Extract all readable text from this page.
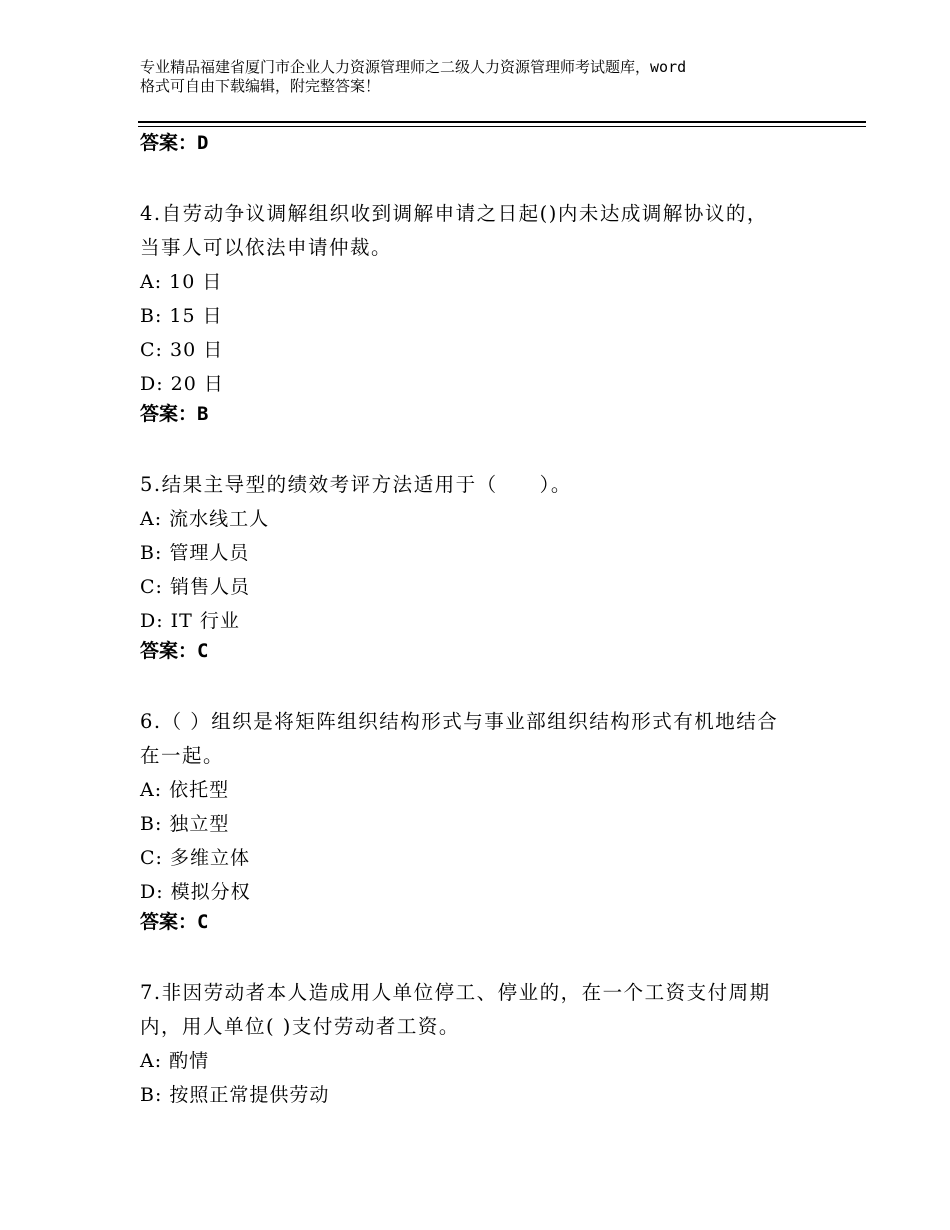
专业精品福建省厦门市企业人力资源管理师之二级人力资源管理师考试题库，word
格式可自由下载编辑，附完整答案！
答案：D
4.自劳动争议调解组织收到调解申请之日起()内未达成调解协议的，
当事人可以依法申请仲裁。
A: 10 日
B: 15 日
C: 30 日
D: 20 日
答案：B
5.结果主导型的绩效考评方法适用于（　　）。
A: 流水线工人
B: 管理人员
C: 销售人员
D: IT 行业
答案：C
6.（ ）组织是将矩阵组织结构形式与事业部组织结构形式有机地结合
在一起。
A: 依托型
B: 独立型
C: 多维立体
D: 模拟分权
答案：C
7.非因劳动者本人造成用人单位停工、停业的，在一个工资支付周期
内，用人单位( )支付劳动者工资。
A: 酌情
B: 按照正常提供劳动
